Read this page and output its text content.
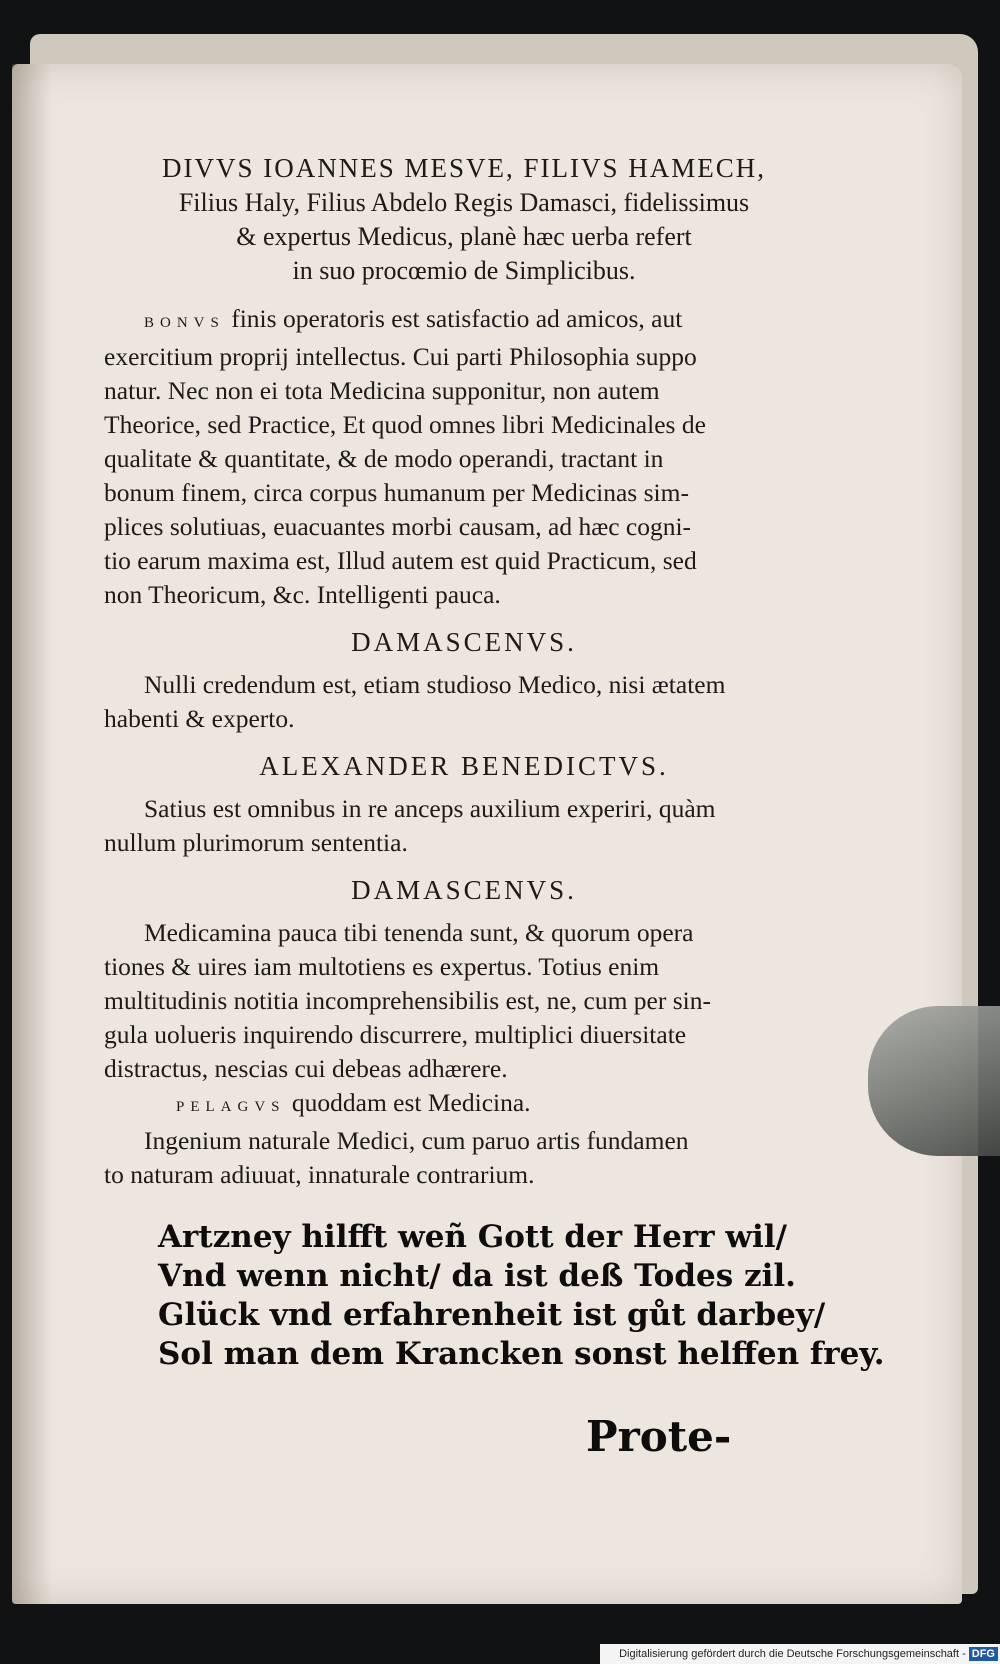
DIVVS IOANNES MESVE, FILIVS HAMECH,

Filius Haly, Filius Abdelo Regis Damasci, fidelissimus

& expertus Medicus, planè hæc uerba refert

in suo procœmio de Simplicibus.

BONVS finis operatoris est satisfactio ad amicos, aut
exercitium proprij intellectus. Cui parti Philosophia suppo
natur. Nec non ei tota Medicina supponitur, non autem
Theorice, sed Practice, Et quod omnes libri Medicinales de
qualitate & quantitate, & de modo operandi, tractant in
bonum finem, circa corpus humanum per Medicinas sim-
plices solutiuas, euacuantes morbi causam, ad hæc cogni-
tio earum maxima est, Illud autem est quid Practicum, sed
non Theoricum, &c. Intelligenti pauca.

DAMASCENVS.

Nulli credendum est, etiam studioso Medico, nisi ætatem
habenti & experto.

ALEXANDER BENEDICTVS.

Satius est omnibus in re anceps auxilium experiri, quàm
nullum plurimorum sententia.

DAMASCENVS.

Medicamina pauca tibi tenenda sunt, & quorum opera
tiones & uires iam multotiens es expertus. Totius enim
multitudinis notitia incomprehensibilis est, ne, cum per sin-
gula uolueris inquirendo discurrere, multiplici diuersitate
distractus, nescias cui debeas adhærere.
PELAGVS quoddam est Medicina.
Ingenium naturale Medici, cum paruo artis fundamen
to naturam adiuuat, innaturale contrarium.
Artzney hilfft weñ Gott der Herr wil/
Vnd wenn nicht/ da ist deß Todes zil.
Glück vnd erfahrenheit ist gůt darbey/
Sol man dem Krancken sonst helffen frey.
Prote-
Digitalisierung gefördert durch die Deutsche Forschungsgemeinschaft - DFG
